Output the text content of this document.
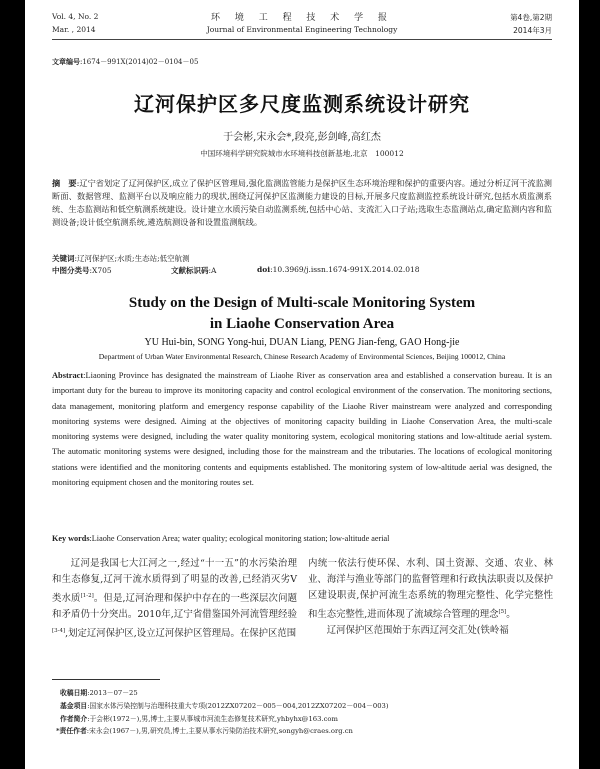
Vol. 4, No. 2
Mar. , 2014
环 境 工 程 技 术 学 报
Journal of Environmental Engineering Technology
第4卷,第2期
2014年3月
文章编号:1674－991X(2014)02－0104－05
辽河保护区多尺度监测系统设计研究
于会彬,宋永会*,段亮,彭剑峰,高红杰
中国环境科学研究院城市水环境科技创新基地,北京　100012
摘　要:辽宁省划定了辽河保护区,成立了保护区管理局,强化监测监管能力是保护区生态环境治理和保护的重要内容。通过分析辽河干流监测断面、数据管理、监测平台以及响应能力的现状,围绕辽河保护区监测能力建设的目标,开展多尺度监测监控系统设计研究,包括水质监测系统、生态监测站和低空航测系统建设。设计建立水质污染自动监测系统,包括中心站、支流汇入口子站;选取生态监测站点,确定监测内容和监测设备;设计低空航测系统,遴选航测设备和设置监测航线。
关键词:辽河保护区;水质;生态站;低空航测
中图分类号:X705	文献标识码:A	doi:10.3969/j.issn.1674-991X.2014.02.018
Study on the Design of Multi-scale Monitoring System
in Liaohe Conservation Area
YU Hui-bin, SONG Yong-hui, DUAN Liang, PENG Jian-feng, GAO Hong-jie
Department of Urban Water Environmental Research, Chinese Research Academy of Environmental Sciences, Beijing 100012, China
Abstract:Liaoning Province has designated the mainstream of Liaohe River as conservation area and established a conservation bureau. It is an important duty for the bureau to improve its monitoring capacity and control ecological environment of the conservation. The monitoring sections, data management, monitoring platform and emergency response capability of the Liaohe River mainstream were analyzed and corresponding monitoring systems were designed. Aiming at the objectives of monitoring capacity building in Liaohe Conservation Area, the multi-scale monitoring systems were designed, including the water quality monitoring system, ecological monitoring stations and low-altitude aerial system. The automatic monitoring systems were designed, including those for the mainstream and the tributaries. The locations of ecological monitoring stations were identified and the monitoring contents and equipments established. The monitoring system of low-altitude aerial was designed, the monitoring equipment chosen and the monitoring routes set.
Key words:Liaohe Conservation Area; water quality; ecological monitoring station; low-altitude aerial

辽河是我国七大江河之一,经过“十一五”的水污染治理和生态修复,辽河干流水质得到了明显的改善,已经消灭劣Ⅴ类水质[1-2]。但是,辽河治理和保护中存在的一些深层次问题和矛盾仍十分突出。2010年,辽宁省借鉴国外河流管理经验[3-4],划定辽河保护区,设立辽河保护区管理局。在保护区范围

内统一依法行使环保、水利、国土资源、交通、农业、林业、海洋与渔业等部门的监督管理和行政执法职责以及保护区建设职责,保护河流生态系统的物理完整性、化学完整性和生态完整性,进而体现了流域综合管理的理念[5]。

辽河保护区范围始于东西辽河交汇处(铁岭福

收稿日期:2013－07－25
基金项目:国家水体污染控制与治理科技重大专项(2012ZX07202－005－004,2012ZX07202－004－003)
作者简介:于会彬(1972－),男,博士,主要从事城市河流生态修复技术研究,yhbyhx@163.com
*责任作者:宋永会(1967－),男,研究员,博士,主要从事水污染防治技术研究,songyh@craes.org.cn
